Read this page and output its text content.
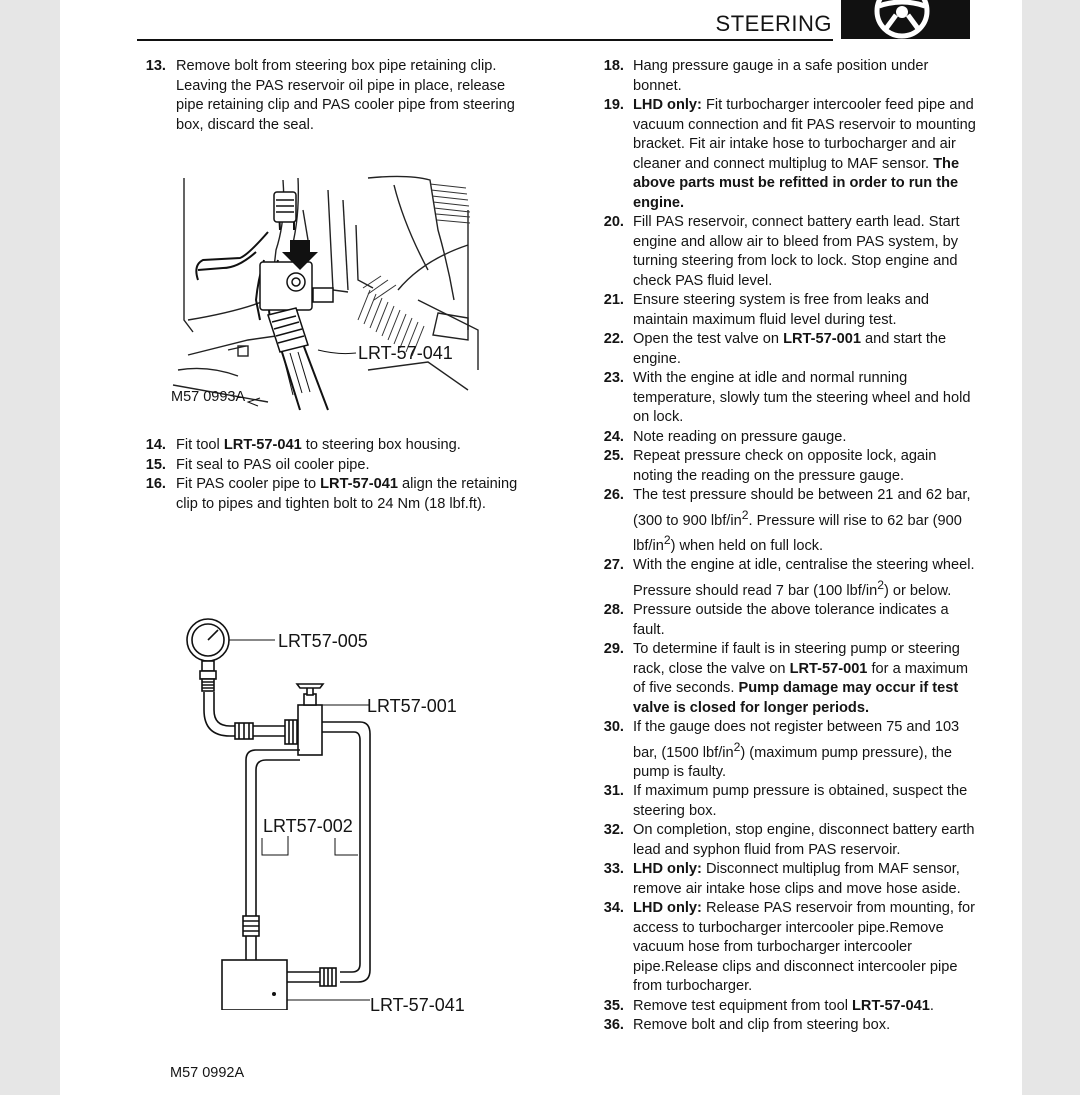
STEERING
13. Remove bolt from steering box pipe retaining clip. Leaving the PAS reservoir oil pipe in place, release pipe retaining clip and PAS cooler pipe from steering box, discard the seal.
LRT-57-041
M57 0993A
14. Fit tool LRT-57-041 to steering box housing.
15. Fit seal to PAS oil cooler pipe.
16. Fit PAS cooler pipe to LRT-57-041 align the retaining clip to pipes and tighten bolt to 24 Nm (18 lbf.ft).
LRT57-005
LRT57-001
LRT57-002
LRT-57-041
M57 0992A
18. Hang pressure gauge in a safe position under bonnet.
19. LHD only: Fit turbocharger intercooler feed pipe and vacuum connection and fit PAS reservoir to mounting bracket. Fit air intake hose to turbocharger and air cleaner and connect multiplug to MAF sensor. The above parts must be refitted in order to run the engine.
20. Fill PAS reservoir, connect battery earth lead. Start engine and allow air to bleed from PAS system, by turning steering from lock to lock. Stop engine and check PAS fluid level.
21. Ensure steering system is free from leaks and maintain maximum fluid level during test.
22. Open the test valve on LRT-57-001 and start the engine.
23. With the engine at idle and normal running temperature, slowly tum the steering wheel and hold on lock.
24. Note reading on pressure gauge.
25. Repeat pressure check on opposite lock, again noting the reading on the pressure gauge.
26. The test pressure should be between 21 and 62 bar, (300 to 900 lbf/$in^2$. Pressure will rise to 62 bar (900 lbf/$in^2$) when held on full lock.
27. With the engine at idle, centralise the steering wheel. Pressure should read 7 bar (100 lbf/$in^2$) or below.
28. Pressure outside the above tolerance indicates a fault.
29. To determine if fault is in steering pump or steering rack, close the valve on LRT-57-001 for a maximum of five seconds. Pump damage may occur if test valve is closed for longer periods.
30. If the gauge does not register between 75 and 103 bar, (1500 lbf/$in^2$) (maximum pump pressure), the pump is faulty.
31. If maximum pump pressure is obtained, suspect the steering box.
32. On completion, stop engine, disconnect battery earth lead and syphon fluid from PAS reservoir.
33. LHD only: Disconnect multiplug from MAF sensor, remove air intake hose clips and move hose aside.
34. LHD only: Release PAS reservoir from mounting, for access to turbocharger intercooler pipe.Remove vacuum hose from turbocharger intercooler pipe.Release clips and disconnect intercooler pipe from turbocharger.
35. Remove test equipment from tool LRT-57-041.
36. Remove bolt and clip from steering box.
